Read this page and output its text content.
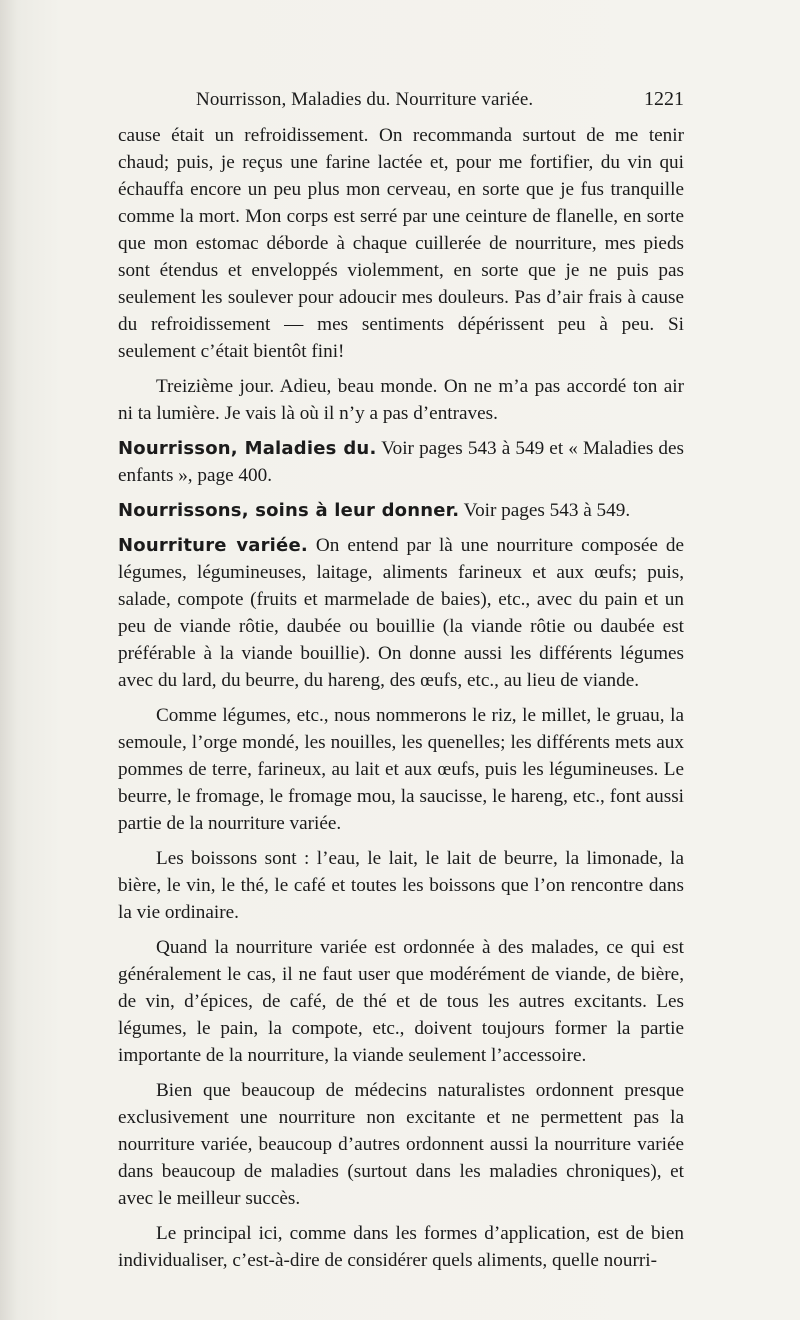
Nourrisson, Maladies du. Nourriture variée.	1221

cause était un refroidissement. On recommanda surtout de me tenir chaud; puis, je reçus une farine lactée et, pour me fortifier, du vin qui échauffa encore un peu plus mon cerveau, en sorte que je fus tranquille comme la mort. Mon corps est serré par une ceinture de flanelle, en sorte que mon estomac déborde à chaque cuillerée de nourriture, mes pieds sont étendus et enveloppés violemment, en sorte que je ne puis pas seulement les soulever pour adoucir mes douleurs. Pas d’air frais à cause du refroidissement — mes sentiments dépérissent peu à peu. Si seulement c’était bientôt fini!

Treizième jour. Adieu, beau monde. On ne m’a pas accordé ton air ni ta lumière. Je vais là où il n’y a pas d’entraves.

Nourrisson, Maladies du. Voir pages 543 à 549 et « Maladies des enfants », page 400.

Nourrissons, soins à leur donner. Voir pages 543 à 549.

Nourriture variée. On entend par là une nourriture composée de légumes, légumineuses, laitage, aliments farineux et aux œufs; puis, salade, compote (fruits et marmelade de baies), etc., avec du pain et un peu de viande rôtie, daubée ou bouillie (la viande rôtie ou daubée est préférable à la viande bouillie). On donne aussi les différents légumes avec du lard, du beurre, du hareng, des œufs, etc., au lieu de viande.

Comme légumes, etc., nous nommerons le riz, le millet, le gruau, la semoule, l’orge mondé, les nouilles, les quenelles; les différents mets aux pommes de terre, farineux, au lait et aux œufs, puis les légumineuses. Le beurre, le fromage, le fromage mou, la saucisse, le hareng, etc., font aussi partie de la nourriture variée.

Les boissons sont : l’eau, le lait, le lait de beurre, la limonade, la bière, le vin, le thé, le café et toutes les boissons que l’on rencontre dans la vie ordinaire.

Quand la nourriture variée est ordonnée à des malades, ce qui est généralement le cas, il ne faut user que modérément de viande, de bière, de vin, d’épices, de café, de thé et de tous les autres excitants. Les légumes, le pain, la compote, etc., doivent toujours former la partie importante de la nourriture, la viande seulement l’accessoire.

Bien que beaucoup de médecins naturalistes ordonnent presque exclusivement une nourriture non excitante et ne permettent pas la nourriture variée, beaucoup d’autres ordonnent aussi la nourriture variée dans beaucoup de maladies (surtout dans les maladies chroniques), et avec le meilleur succès.

Le principal ici, comme dans les formes d’application, est de bien individualiser, c’est-à-dire de considérer quels aliments, quelle nourri-
